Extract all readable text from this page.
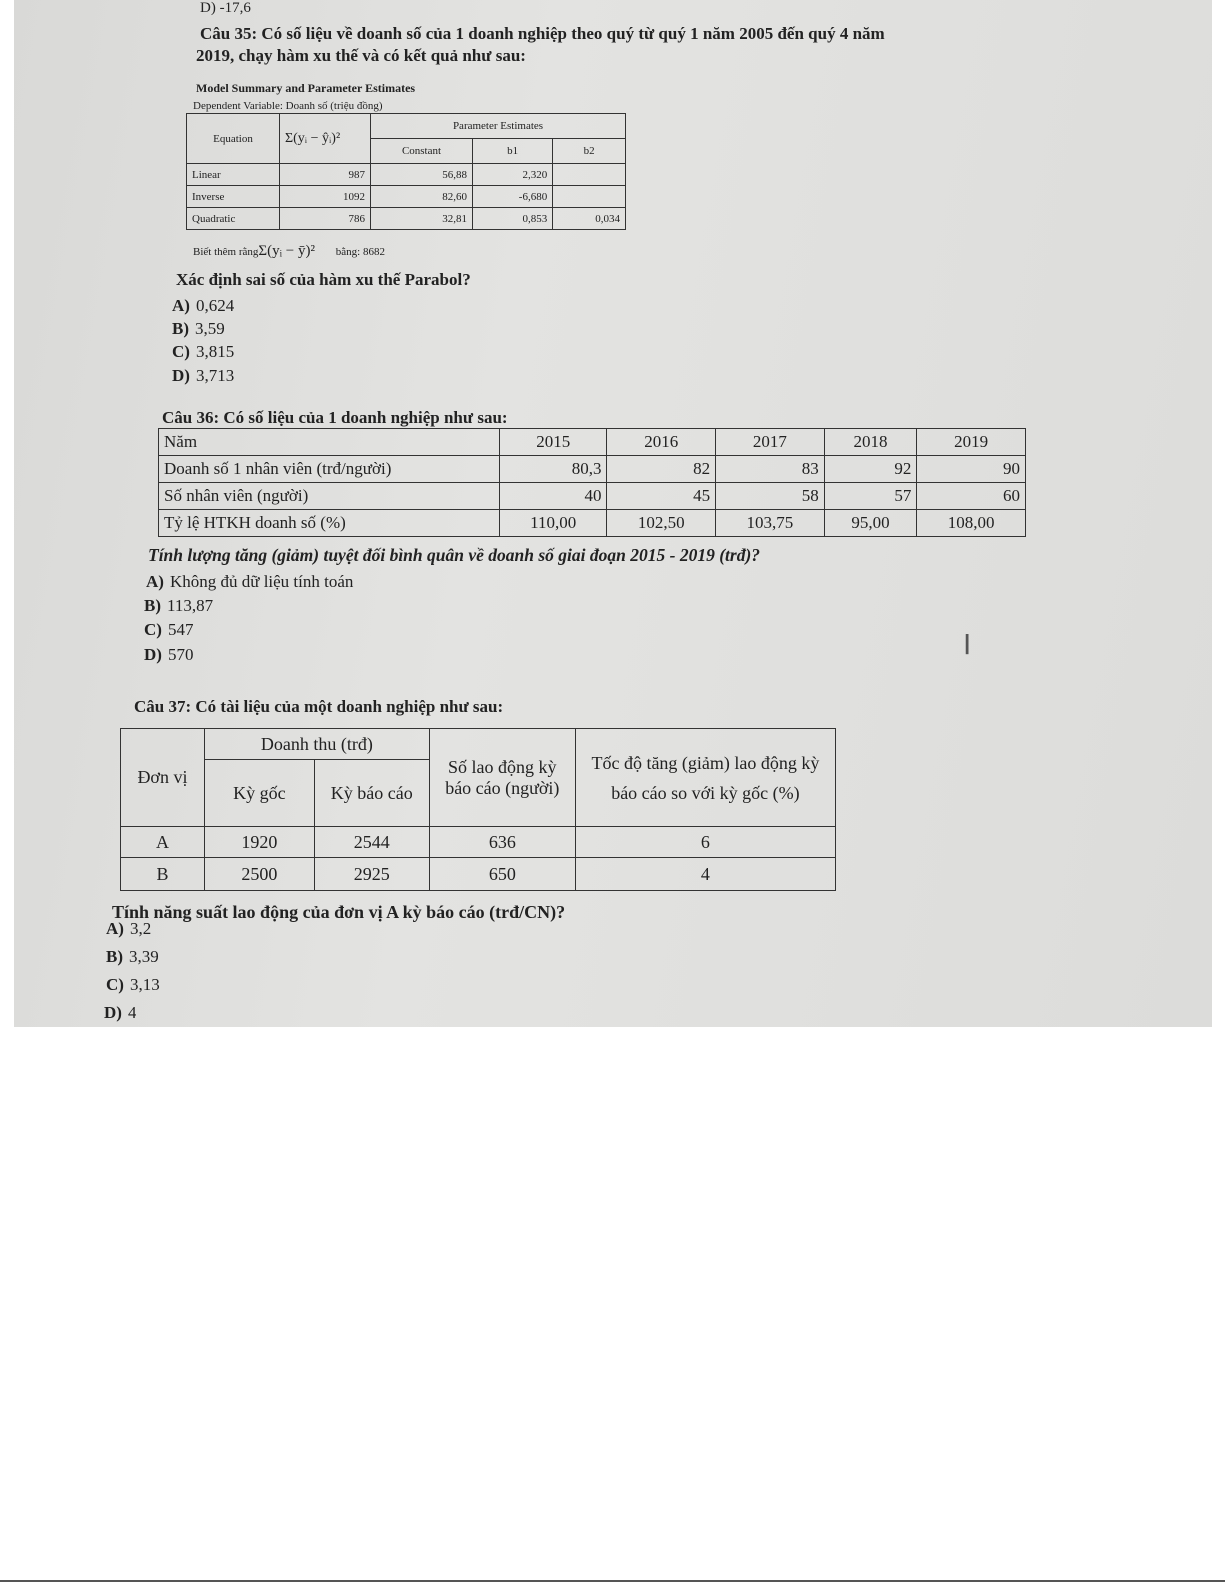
D) -17,6
Câu 35: Có số liệu về doanh số của 1 doanh nghiệp theo quý từ quý 1 năm 2005 đến quý 4 năm
2019, chạy hàm xu thế và có kết quả như sau:
Model Summary and Parameter Estimates
Dependent Variable: Doanh số (triệu đồng)
Equation	Σ(yᵢ − ŷᵢ)²	Parameter Estimates		
		Constant	b1	b2
Linear	987	56,88	2,320	
Inverse	1092	82,60	-6,680	
Quadratic	786	32,81	0,853	0,034
Biết thêm rằngΣ(yᵢ − ȳ)² bằng: 8682
Xác định sai số của hàm xu thế Parabol?
A) 0,624
B) 3,59
C) 3,815
D) 3,713
Câu 36: Có số liệu của 1 doanh nghiệp như sau:
Năm	2015	2016	2017	2018	2019
Doanh số 1 nhân viên (trđ/người)	80,3	82	83	92	90
Số nhân viên (người)	40	45	58	57	60
Tỷ lệ HTKH doanh số (%)	110,00	102,50	103,75	95,00	108,00
Tính lượng tăng (giảm) tuyệt đối bình quân về doanh số giai đoạn 2015 - 2019 (trđ)?
A) Không đủ dữ liệu tính toán
B) 113,87
C) 547
D) 570	I
Câu 37: Có tài liệu của một doanh nghiệp như sau:
Đơn vị	Doanh thu (trđ)		Số lao động kỳ báo cáo (người)	Tốc độ tăng (giảm) lao động kỳ báo cáo so với kỳ gốc (%)
	Kỳ gốc	Kỳ báo cáo		
A	1920	2544	636	6
B	2500	2925	650	4
Tính năng suất lao động của đơn vị A kỳ báo cáo (trđ/CN)?
A) 3,2
B) 3,39
C) 3,13
D) 4
